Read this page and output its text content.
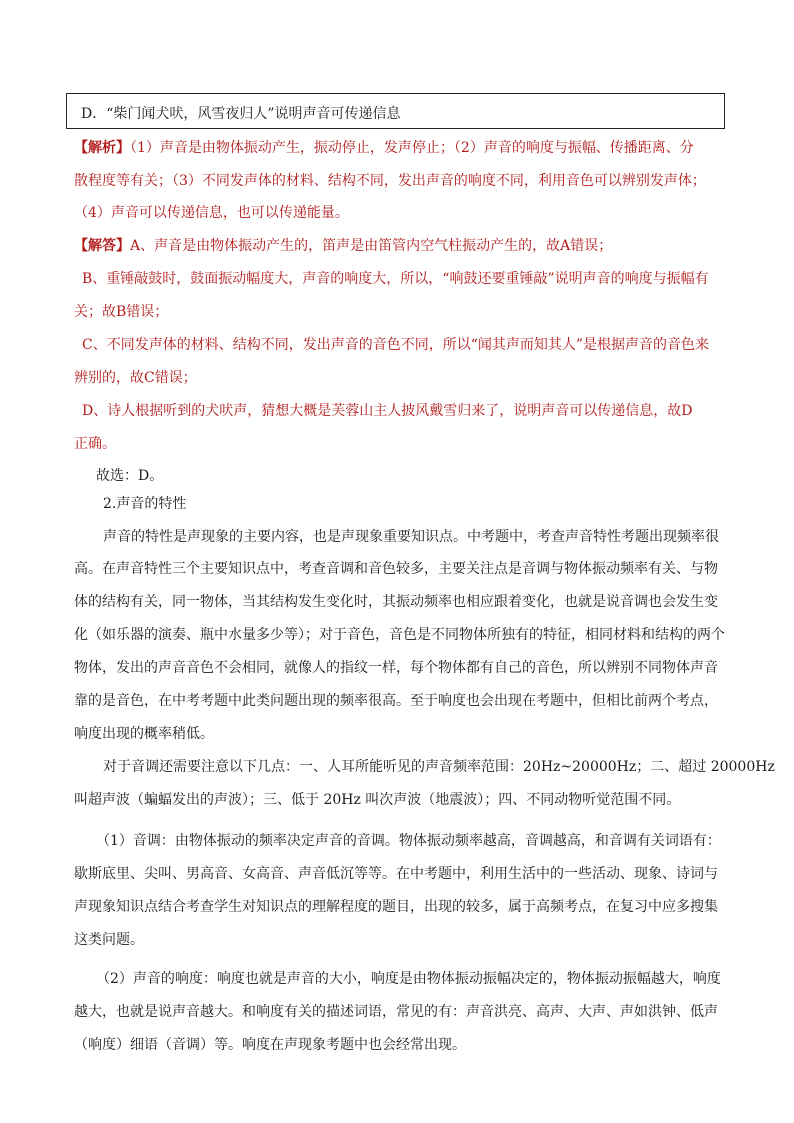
D．“柴门闻犬吠，风雪夜归人”说明声音可传递信息
【解析】（1）声音是由物体振动产生，振动停止，发声停止；（2）声音的响度与振幅、传播距离、分
散程度等有关；（3）不同发声体的材料、结构不同，发出声音的响度不同，利用音色可以辨别发声体；
（4）声音可以传递信息，也可以传递能量。
【解答】A、声音是由物体振动产生的，笛声是由笛管内空气柱振动产生的，故A错误；
B、重锤敲鼓时，鼓面振动幅度大，声音的响度大，所以，“响鼓还要重锤敲”说明声音的响度与振幅有
关；故B错误；
C、不同发声体的材料、结构不同，发出声音的音色不同，所以“闻其声而知其人”是根据声音的音色来
辨别的，故C错误；
D、诗人根据听到的犬吠声，猜想大概是芙蓉山主人披风戴雪归来了，说明声音可以传递信息，故D
正确。
故选：D。
2.声音的特性
声音的特性是声现象的主要内容，也是声现象重要知识点。中考题中，考查声音特性考题出现频率很
高。在声音特性三个主要知识点中，考查音调和音色较多，主要关注点是音调与物体振动频率有关、与物
体的结构有关，同一物体，当其结构发生变化时，其振动频率也相应跟着变化，也就是说音调也会发生变
化（如乐器的演奏、瓶中水量多少等）；对于音色，音色是不同物体所独有的特征，相同材料和结构的两个
物体，发出的声音音色不会相同，就像人的指纹一样，每个物体都有自己的音色，所以辨别不同物体声音
靠的是音色，在中考考题中此类问题出现的频率很高。至于响度也会出现在考题中，但相比前两个考点，
响度出现的概率稍低。
对于音调还需要注意以下几点：一、人耳所能听见的声音频率范围：20Hz~20000Hz；二、超过 20000Hz
叫超声波（蝙蝠发出的声波）；三、低于 20Hz 叫次声波（地震波）；四、不同动物听觉范围不同。
（1）音调：由物体振动的频率决定声音的音调。物体振动频率越高，音调越高，和音调有关词语有：
歇斯底里、尖叫、男高音、女高音、声音低沉等等。在中考题中，利用生活中的一些活动、现象、诗词与
声现象知识点结合考查学生对知识点的理解程度的题目，出现的较多，属于高频考点，在复习中应多搜集
这类问题。
（2）声音的响度：响度也就是声音的大小，响度是由物体振动振幅决定的，物体振动振幅越大，响度
越大，也就是说声音越大。和响度有关的描述词语，常见的有：声音洪亮、高声、大声、声如洪钟、低声
（响度）细语（音调）等。响度在声现象考题中也会经常出现。
